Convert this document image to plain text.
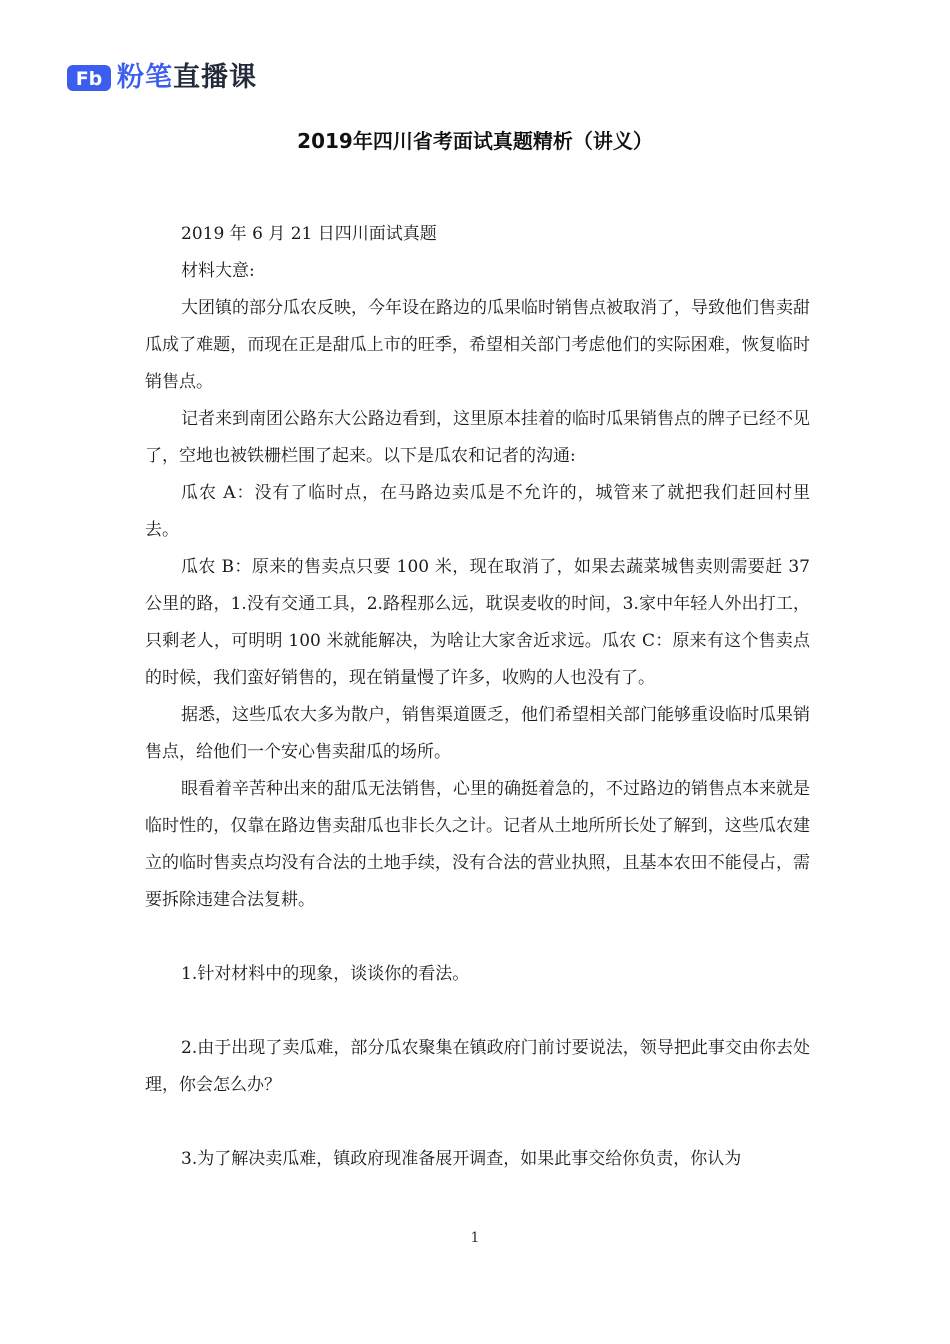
Fb 粉笔直播课
2019年四川省考面试真题精析（讲义）

2019 年 6 月 21 日四川面试真题

材料大意:

大团镇的部分瓜农反映，今年设在路边的瓜果临时销售点被取消了，导致他们售卖甜瓜成了难题，而现在正是甜瓜上市的旺季，希望相关部门考虑他们的实际困难，恢复临时销售点。

记者来到南团公路东大公路边看到，这里原本挂着的临时瓜果销售点的牌子已经不见了，空地也被铁栅栏围了起来。以下是瓜农和记者的沟通:

瓜农 A：没有了临时点，在马路边卖瓜是不允许的，城管来了就把我们赶回村里去。

瓜农 B：原来的售卖点只要 100 米，现在取消了，如果去蔬菜城售卖则需要赶 37 公里的路，1.没有交通工具，2.路程那么远，耽误麦收的时间，3.家中年轻人外出打工，只剩老人，可明明 100 米就能解决，为啥让大家舍近求远。瓜农 C：原来有这个售卖点的时候，我们蛮好销售的，现在销量慢了许多，收购的人也没有了。

据悉，这些瓜农大多为散户，销售渠道匮乏，他们希望相关部门能够重设临时瓜果销售点，给他们一个安心售卖甜瓜的场所。

眼看着辛苦种出来的甜瓜无法销售，心里的确挺着急的，不过路边的销售点本来就是临时性的，仅靠在路边售卖甜瓜也非长久之计。记者从土地所所长处了解到，这些瓜农建立的临时售卖点均没有合法的土地手续，没有合法的营业执照，且基本农田不能侵占，需要拆除违建合法复耕。

1.针对材料中的现象，谈谈你的看法。

2.由于出现了卖瓜难，部分瓜农聚集在镇政府门前讨要说法，领导把此事交由你去处理，你会怎么办？

3.为了解决卖瓜难，镇政府现准备展开调查，如果此事交给你负责，你认为

1
